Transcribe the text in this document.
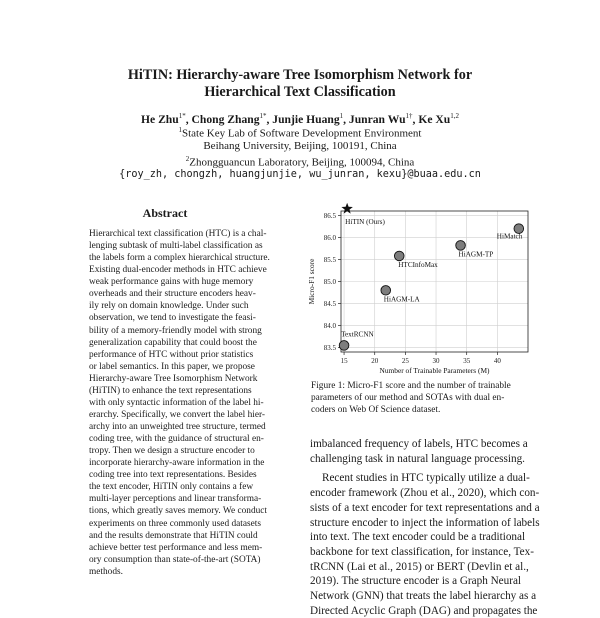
HiTIN: Hierarchy-aware Tree Isomorphism Network for
Hierarchical Text Classification
He Zhu$^{1*}$, Chong Zhang$^{1*}$, Junjie Huang$^1$, Junran $Wu^{1\dagger}$, Ke Xu$^{1,2}$
$^1$State Key Lab of Software Development Environment
Beihang University, Beijing, 100191, China
$^2$Zhongguancun Laboratory, Beijing, 100094, China
{roy_zh, chongzh, huangjunjie, wu_junran, kexu}@buaa.edu.cn
Abstract
Hierarchical text classification (HTC) is a chal-
lenging subtask of multi-label classification as
the labels form a complex hierarchical structure.
Existing dual-encoder methods in HTC achieve
weak performance gains with huge memory
overheads and their structure encoders heav-
ily rely on domain knowledge. Under such
observation, we tend to investigate the feasi-
bility of a memory-friendly model with strong
generalization capability that could boost the
performance of HTC without prior statistics
or label semantics. In this paper, we propose
Hierarchy-aware Tree Isomorphism Network
(HiTIN) to enhance the text representations
with only syntactic information of the label hi-
erarchy. Specifically, we convert the label hier-
archy into an unweighted tree structure, termed
coding tree, with the guidance of structural en-
tropy. Then we design a structure encoder to
incorporate hierarchy-aware information in the
coding tree into text representations. Besides
the text encoder, HiTIN only contains a few
multi-layer perceptions and linear transforma-
tions, which greatly saves memory. We conduct
experiments on three commonly used datasets
and the results demonstrate that HiTIN could
achieve better test performance and less mem-
ory consumption than state-of-the-art (SOTA)
methods.
15	20	25	30	35	40
83.5
84.0
84.5
85.0
85.5
86.0
86.5
Number of Trainable Parameters (M)
Micro-F1 score
HiTIN (Ours)
HiMatch
HiAGM-TP
HTCInfoMax
HiAGM-LA
TextRCNN
Figure 1: Micro-F1 score and the number of trainable
parameters of our method and SOTAs with dual en-
coders on Web Of Science dataset.
imbalanced frequency of labels, HTC becomes a
challenging task in natural language processing.
Recent studies in HTC typically utilize a dual-
encoder framework (Zhou et al., 2020), which con-
sists of a text encoder for text representations and a
structure encoder to inject the information of labels
into text. The text encoder could be a traditional
backbone for text classification, for instance, Tex-
tRCNN (Lai et al., 2015) or BERT (Devlin et al.,
2019). The structure encoder is a Graph Neural
Network (GNN) that treats the label hierarchy as a
Directed Acyclic Graph (DAG) and propagates the
